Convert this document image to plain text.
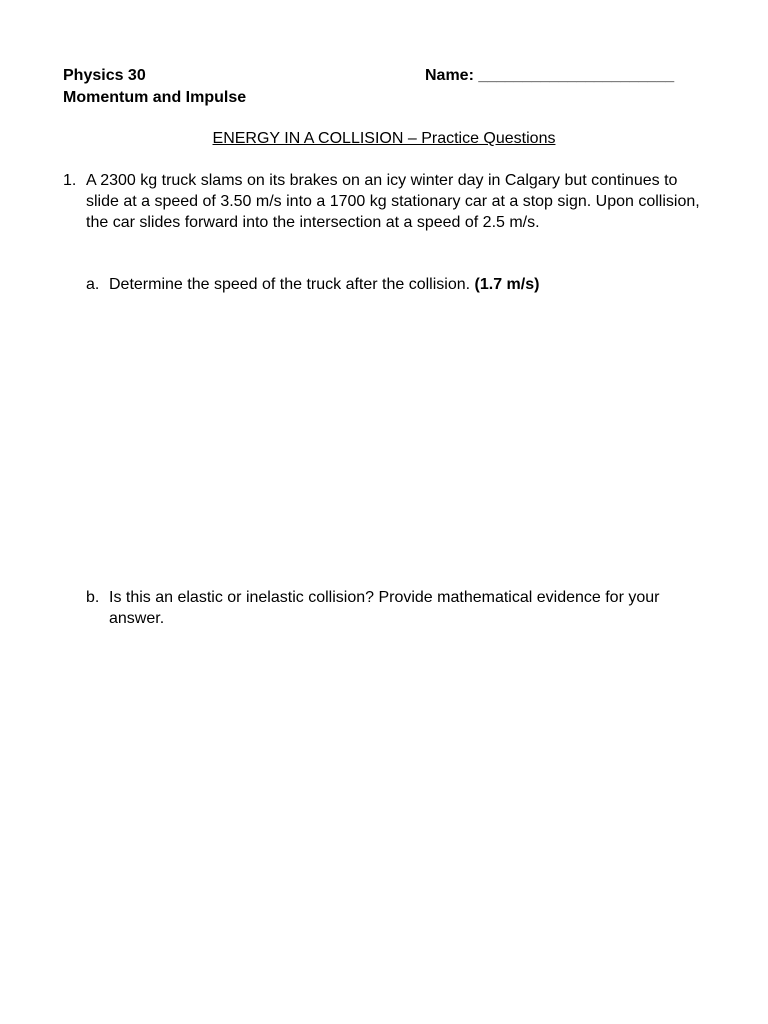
Physics 30
Momentum and Impulse
Name: ______________________
ENERGY IN A COLLISION – Practice Questions
1. A 2300 kg truck slams on its brakes on an icy winter day in Calgary but continues to slide at a speed of 3.50 m/s into a 1700 kg stationary car at a stop sign. Upon collision, the car slides forward into the intersection at a speed of 2.5 m/s.
a. Determine the speed of the truck after the collision. (1.7 m/s)
b. Is this an elastic or inelastic collision? Provide mathematical evidence for your answer.
